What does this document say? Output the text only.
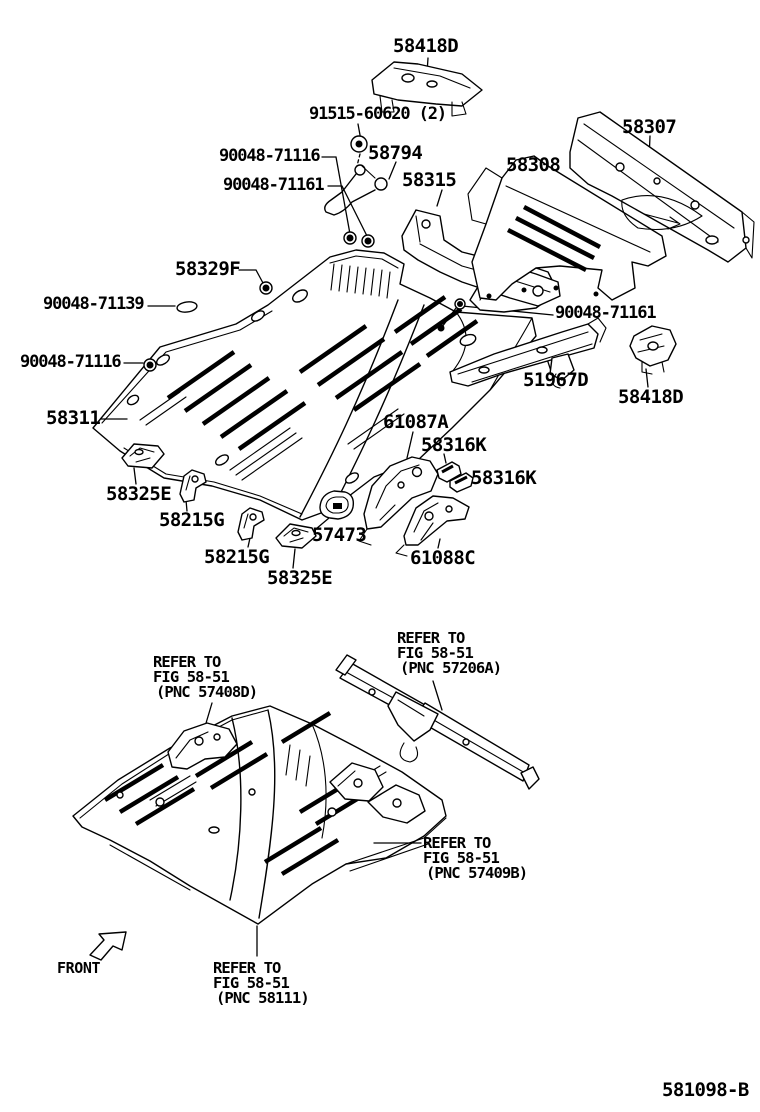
58418D
91515-60620 (2)
90048-71116	58794
90048-71161	58315
58308
58307
58329F
90048-71139
90048-71116
58311
90048-71161
51967D
58418D
61087A
58316K
58316K
58325E
58215G
57473
58215G	61088C
58325E
REFER TO
FIG 58-51
(PNC 57408D)
REFER TO
FIG 58-51
(PNC 57206A)
REFER TO
FIG 58-51
(PNC 57409B)
REFER TO
FIG 58-51
(PNC 58111)
FRONT
581098-B
